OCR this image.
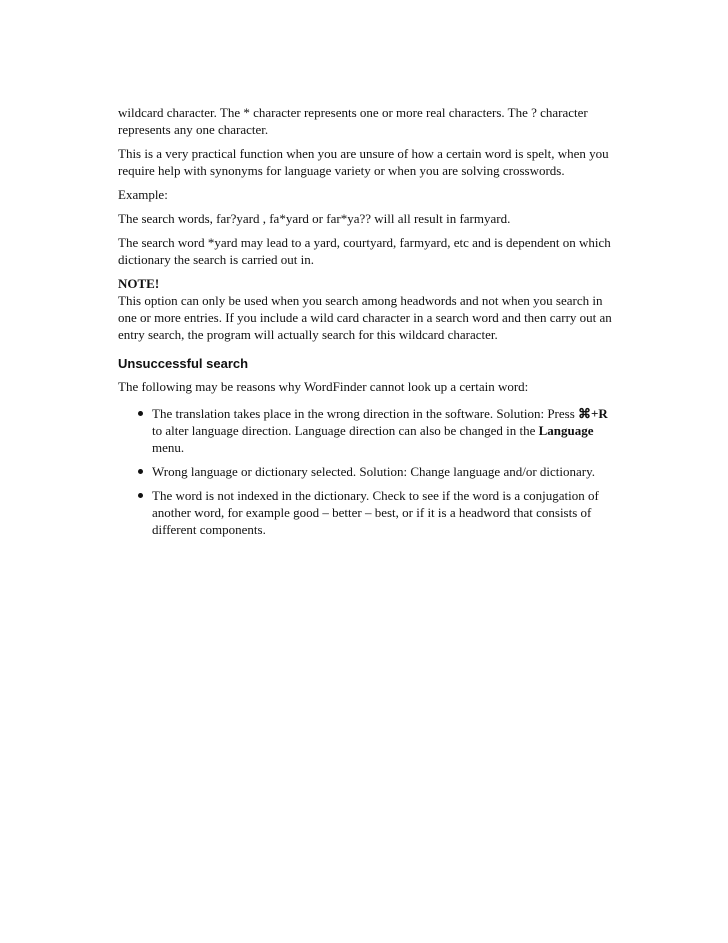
wildcard character. The * character represents one or more real characters. The ? character represents any one character.

This is a very practical function when you are unsure of how a certain word is spelt, when you require help with synonyms for language variety or when you are solving crosswords.

Example:

The search words, far?yard , fa*yard or far*ya?? will all result in farmyard.

The search word *yard may lead to a yard, courtyard, farmyard, etc and is dependent on which dictionary the search is carried out in.

NOTE!
This option can only be used when you search among headwords and not when you search in one or more entries. If you include a wild card character in a search word and then carry out an entry search, the program will actually search for this wildcard character.

Unsuccessful search

The following may be reasons why WordFinder cannot look up a certain word:

The translation takes place in the wrong direction in the software. Solution: Press ⌘+R to alter language direction. Language direction can also be changed in the Language menu.
Wrong language or dictionary selected. Solution: Change language and/or dictionary.
The word is not indexed in the dictionary. Check to see if the word is a conjugation of another word, for example good – better – best, or if it is a headword that consists of different components.
